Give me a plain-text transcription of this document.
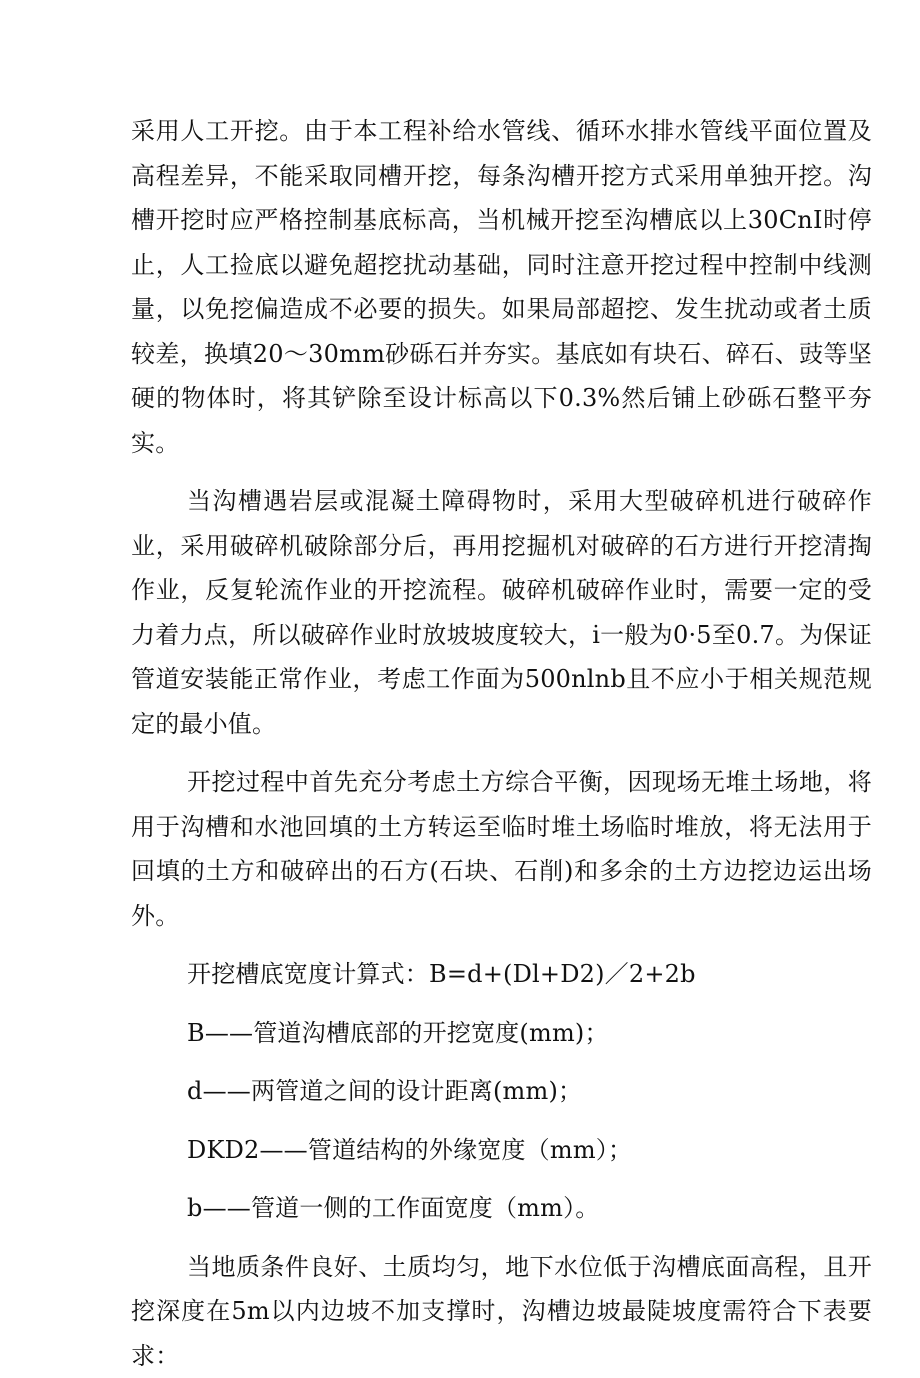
采用人工开挖。由于本工程补给水管线、循环水排水管线平面位置及高程差异，不能采取同槽开挖，每条沟槽开挖方式采用单独开挖。沟槽开挖时应严格控制基底标高，当机械开挖至沟槽底以上30CnI时停止，人工捡底以避免超挖扰动基础，同时注意开挖过程中控制中线测量，以免挖偏造成不必要的损失。如果局部超挖、发生扰动或者土质较差，换填20～30mm砂砾石并夯实。基底如有块石、碎石、豉等坚硬的物体时，将其铲除至设计标高以下0.3%然后铺上砂砾石整平夯实。

当沟槽遇岩层或混凝土障碍物时，采用大型破碎机进行破碎作业，采用破碎机破除部分后，再用挖掘机对破碎的石方进行开挖清掏作业，反复轮流作业的开挖流程。破碎机破碎作业时，需要一定的受力着力点，所以破碎作业时放坡坡度较大，i一般为0·5至0.7。为保证管道安装能正常作业，考虑工作面为500nlnb且不应小于相关规范规定的最小值。

开挖过程中首先充分考虑土方综合平衡，因现场无堆土场地，将用于沟槽和水池回填的土方转运至临时堆土场临时堆放，将无法用于回填的土方和破碎出的石方(石块、石削)和多余的土方边挖边运出场外。

开挖槽底宽度计算式：B=d+(Dl+D2)／2+2b

B——管道沟槽底部的开挖宽度(mm)；

d——两管道之间的设计距离(mm)；

DKD2——管道结构的外缘宽度（mm）；

b——管道一侧的工作面宽度（mm）。

当地质条件良好、土质均匀，地下水位低于沟槽底面高程，且开挖深度在5m以内边坡不加支撑时，沟槽边坡最陡坡度需符合下表要求：
